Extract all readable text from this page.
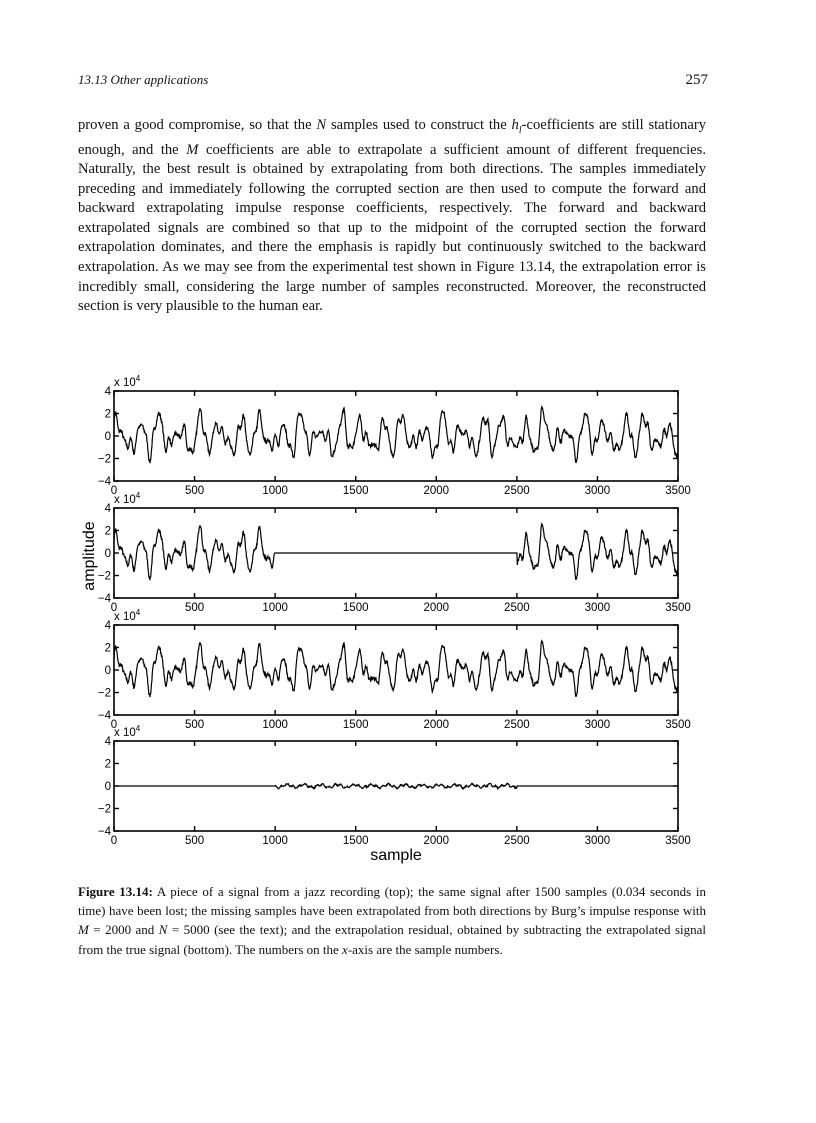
13.13 Other applications	257

proven a good compromise, so that the N samples used to construct the $h_l$-coefficients are still stationary enough, and the M coefficients are able to extrapolate a sufficient amount of different frequencies. Naturally, the best result is obtained by extrapolating from both directions. The samples immediately preceding and immediately following the corrupted section are then used to compute the forward and backward extrapolating impulse response coefficients, respectively. The forward and backward extrapolated signals are combined so that up to the midpoint of the corrupted section the forward extrapolation dominates, and there the emphasis is rapidly but continuously switched to the backward extrapolation. As we may see from the experimental test shown in Figure 13.14, the extrapolation error is incredibly small, considering the large number of samples reconstructed. Moreover, the reconstructed section is very plausible to the human ear.

0	500	1000	1500	2000	2500	3000	3500
4
2
0
−2
−4
x $10^4$
0	500	1000	1500	2000	2500	3000	3500
4
2
0
−2
−4
x $10^4$
0	500	1000	1500	2000	2500	3000	3500
4
2
0
−2
−4
x $10^4$
0	500	1000	1500	2000	2500	3000	3500
4
2
0
−2
−4
x $10^4$
amplitude
sample

Figure 13.14: A piece of a signal from a jazz recording (top); the same signal after 1500 samples (0.034 seconds in time) have been lost; the missing samples have been extrapolated from both directions by Burg’s impulse response with M = 2000 and N = 5000 (see the text); and the extrapolation residual, obtained by subtracting the extrapolated signal from the true signal (bottom). The numbers on the x-axis are the sample numbers.
